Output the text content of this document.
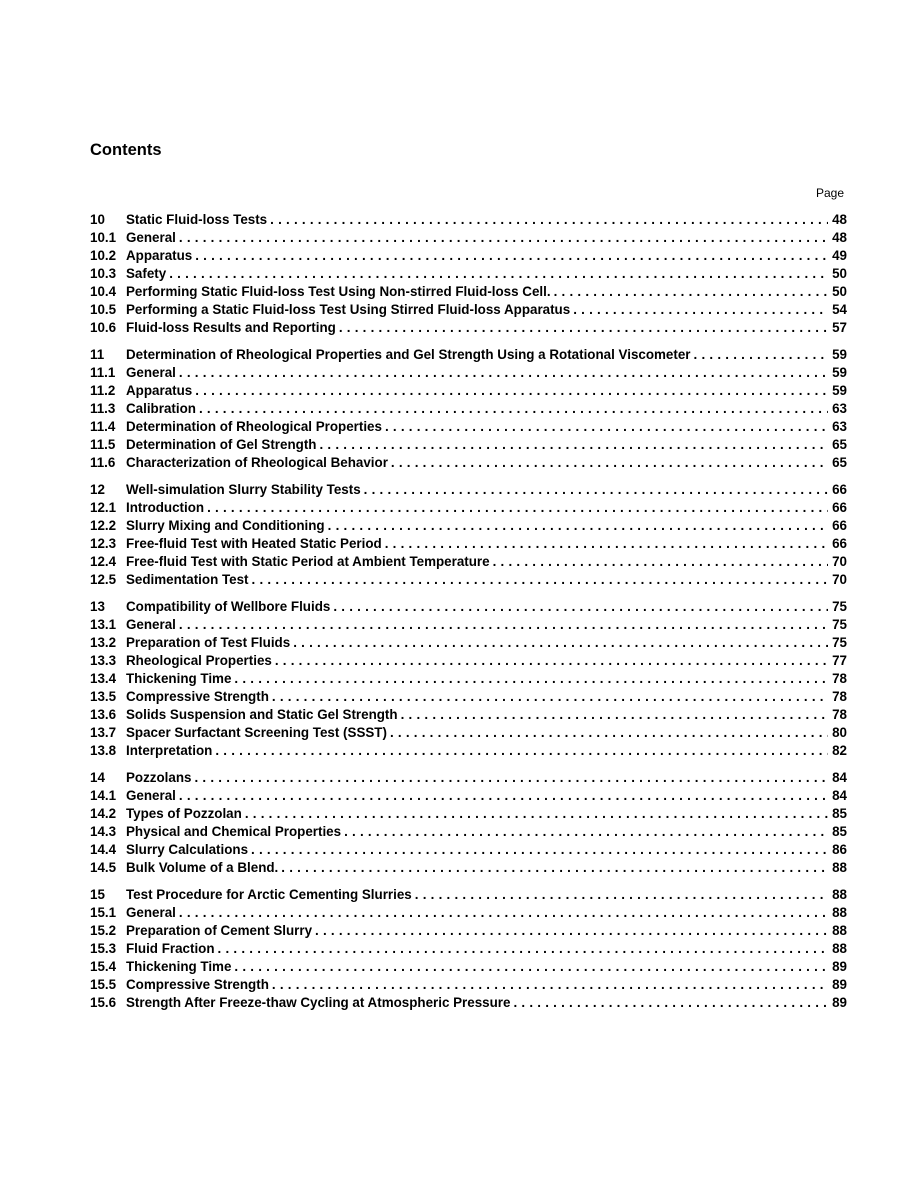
Contents
Page
10	Static Fluid-loss Tests . . .	48
10.1 General . . .	48
10.2 Apparatus . . .	49
10.3 Safety . . .	50
10.4 Performing Static Fluid-loss Test Using Non-stirred Fluid-loss Cell. . . .	50
10.5 Performing a Static Fluid-loss Test Using Stirred Fluid-loss Apparatus . . .	54
10.6 Fluid-loss Results and Reporting . . .	57
11	Determination of Rheological Properties and Gel Strength Using a Rotational Viscometer . . .	59
11.1 General . . .	59
11.2 Apparatus . . .	59
11.3 Calibration . . .	63
11.4 Determination of Rheological Properties . . .	63
11.5 Determination of Gel Strength . . .	65
11.6 Characterization of Rheological Behavior . . .	65
12	Well-simulation Slurry Stability Tests . . .	66
12.1 Introduction . . .	66
12.2 Slurry Mixing and Conditioning . . .	66
12.3 Free-fluid Test with Heated Static Period . . .	66
12.4 Free-fluid Test with Static Period at Ambient Temperature . . .	70
12.5 Sedimentation Test . . .	70
13	Compatibility of Wellbore Fluids . . .	75
13.1 General . . .	75
13.2 Preparation of Test Fluids . . .	75
13.3 Rheological Properties . . .	77
13.4 Thickening Time . . .	78
13.5 Compressive Strength . . .	78
13.6 Solids Suspension and Static Gel Strength . . .	78
13.7 Spacer Surfactant Screening Test (SSST) . . .	80
13.8 Interpretation . . .	82
14	Pozzolans . . .	84
14.1 General . . .	84
14.2 Types of Pozzolan . . .	85
14.3 Physical and Chemical Properties . . .	85
14.4 Slurry Calculations . . .	86
14.5 Bulk Volume of a Blend. . . .	88
15	Test Procedure for Arctic Cementing Slurries . . .	88
15.1 General . . .	88
15.2 Preparation of Cement Slurry . . .	88
15.3 Fluid Fraction . . .	88
15.4 Thickening Time . . .	89
15.5 Compressive Strength . . .	89
15.6 Strength After Freeze-thaw Cycling at Atmospheric Pressure . . .	89
